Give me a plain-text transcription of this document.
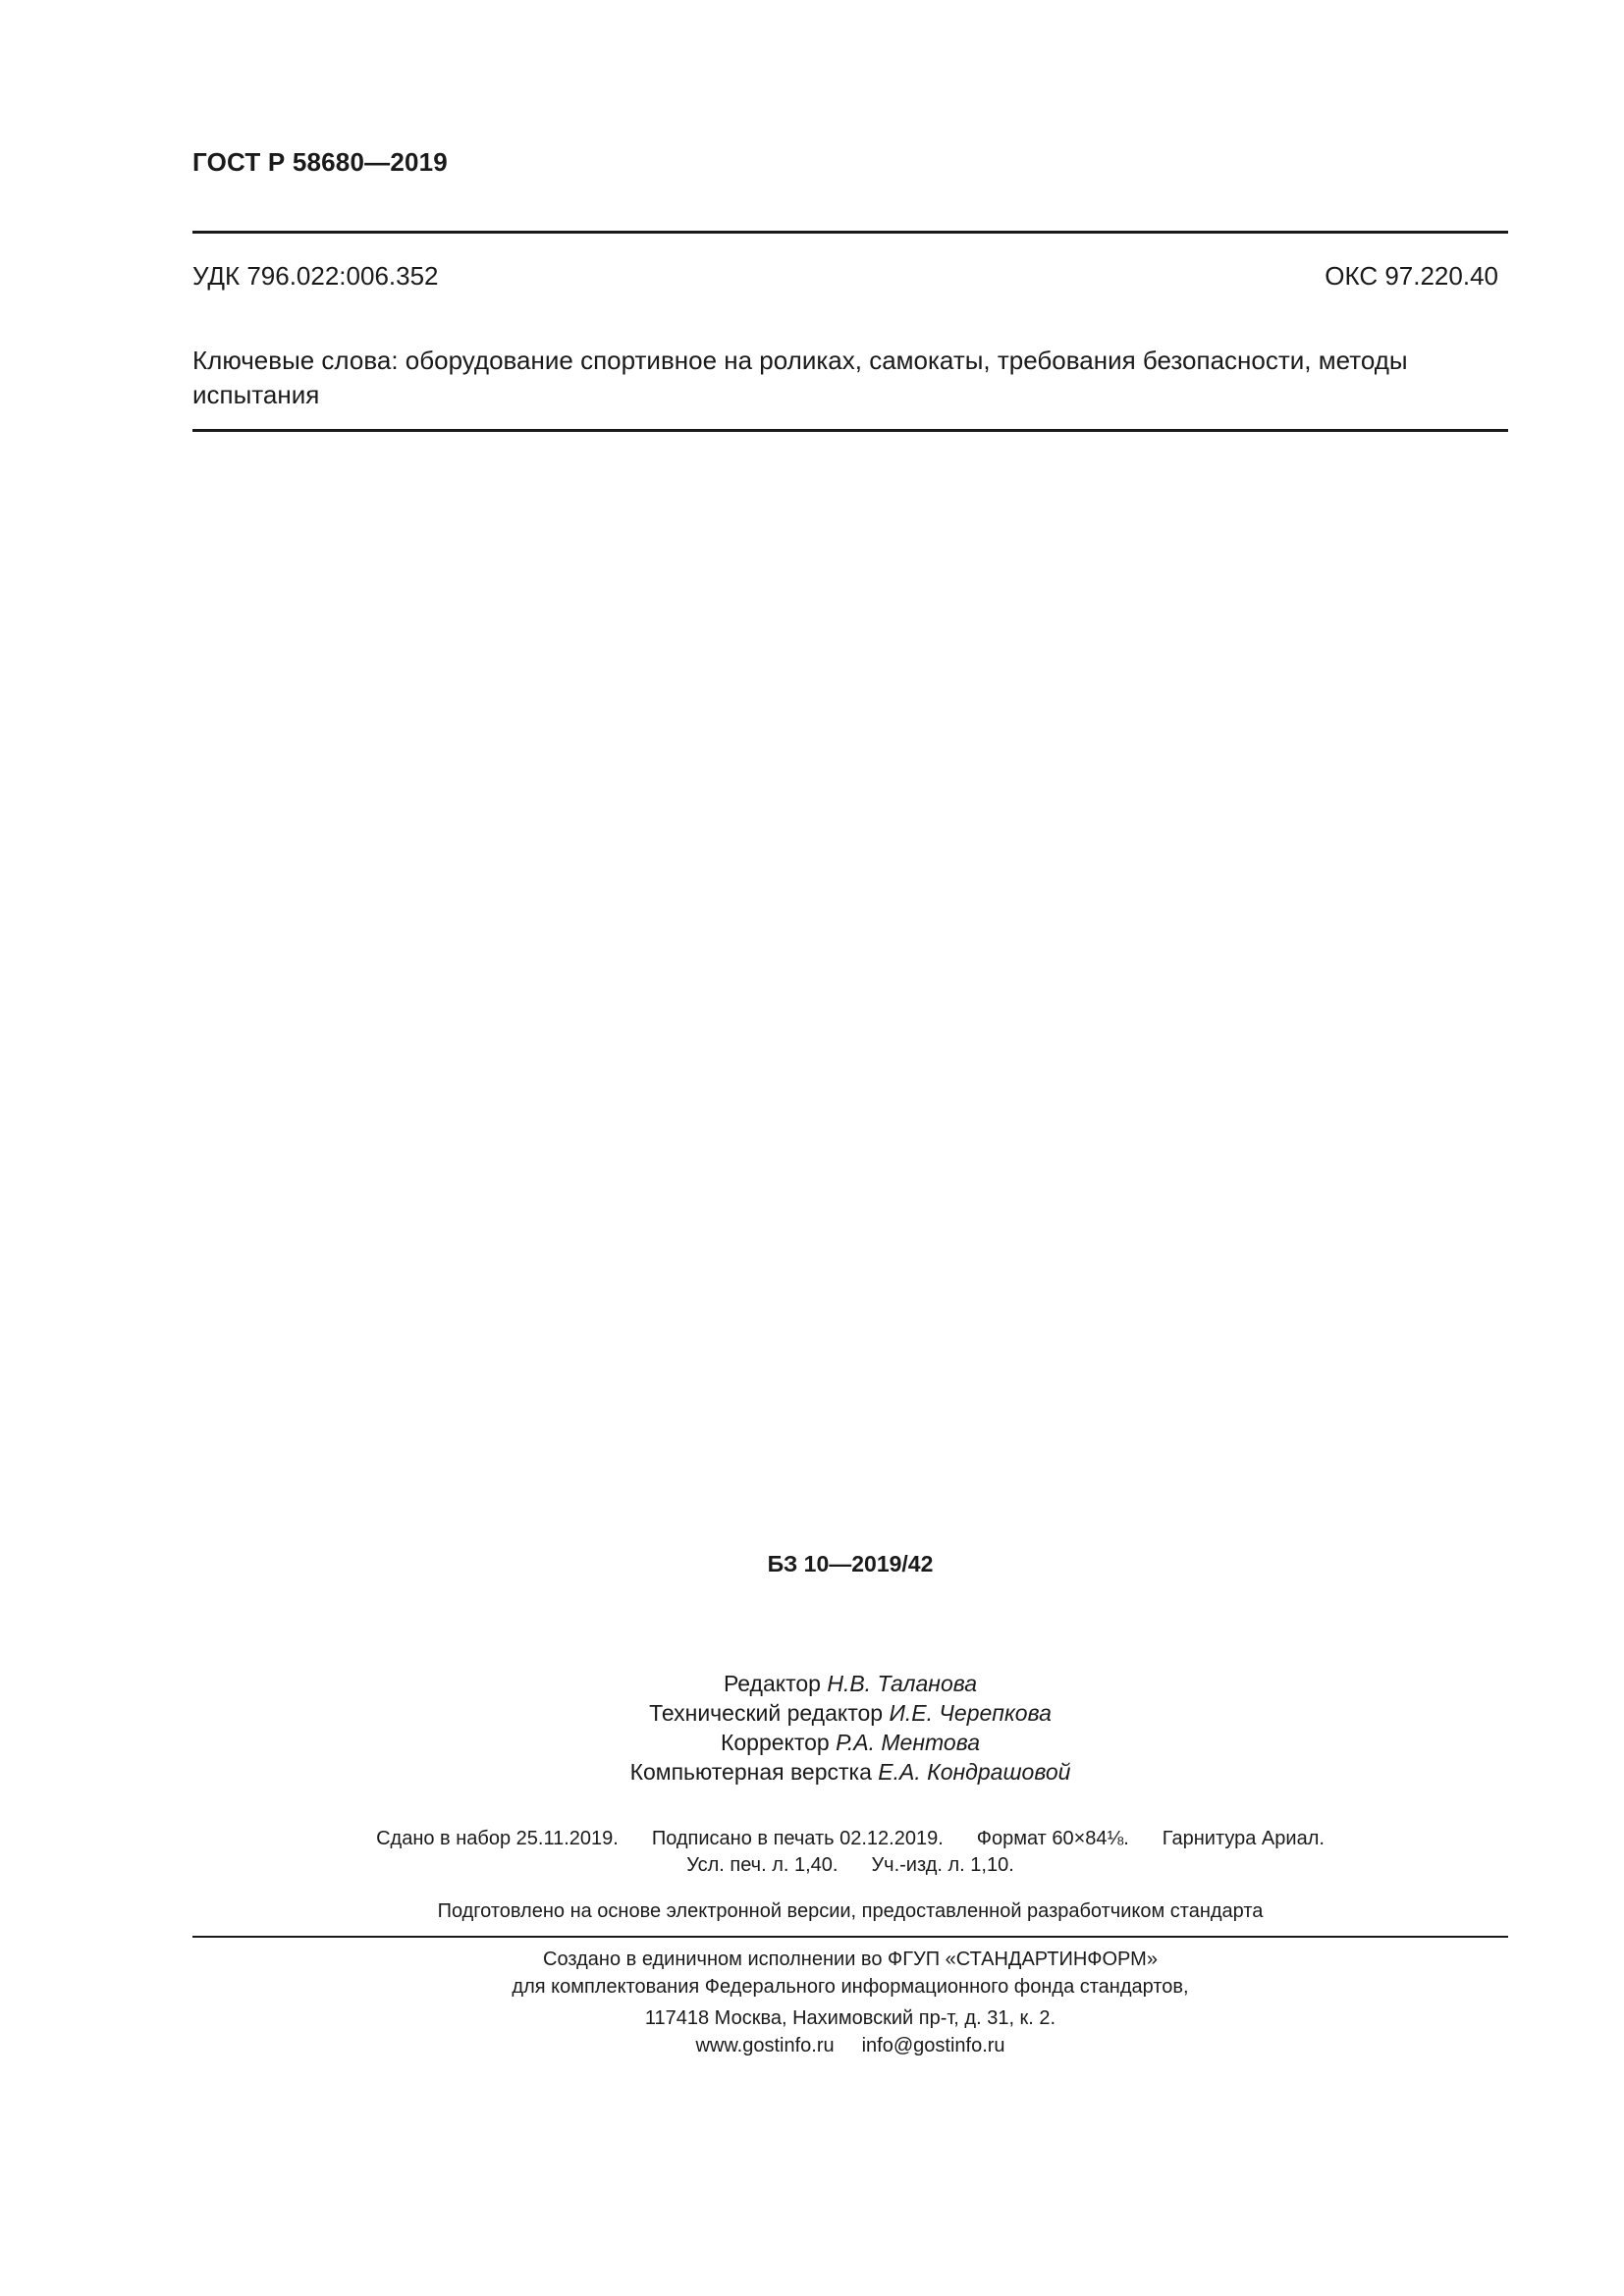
ГОСТ Р 58680—2019
УДК 796.022:006.352	ОКС 97.220.40
Ключевые слова: оборудование спортивное на роликах, самокаты, требования безопасности, методы испытания
БЗ 10—2019/42
Редактор Н.В. Таланова
Технический редактор И.Е. Черепкова
Корректор Р.А. Ментова
Компьютерная верстка Е.А. Кондрашовой
Сдано в набор 25.11.2019. Подписано в печать 02.12.2019. Формат 60×84⅛. Гарнитура Ариал.
Усл. печ. л. 1,40. Уч.-изд. л. 1,10.
Подготовлено на основе электронной версии, предоставленной разработчиком стандарта
Создано в единичном исполнении во ФГУП «СТАНДАРТИНФОРМ»
для комплектования Федерального информационного фонда стандартов,
117418 Москва, Нахимовский пр-т, д. 31, к. 2.
www.gostinfo.ru info@gostinfo.ru
